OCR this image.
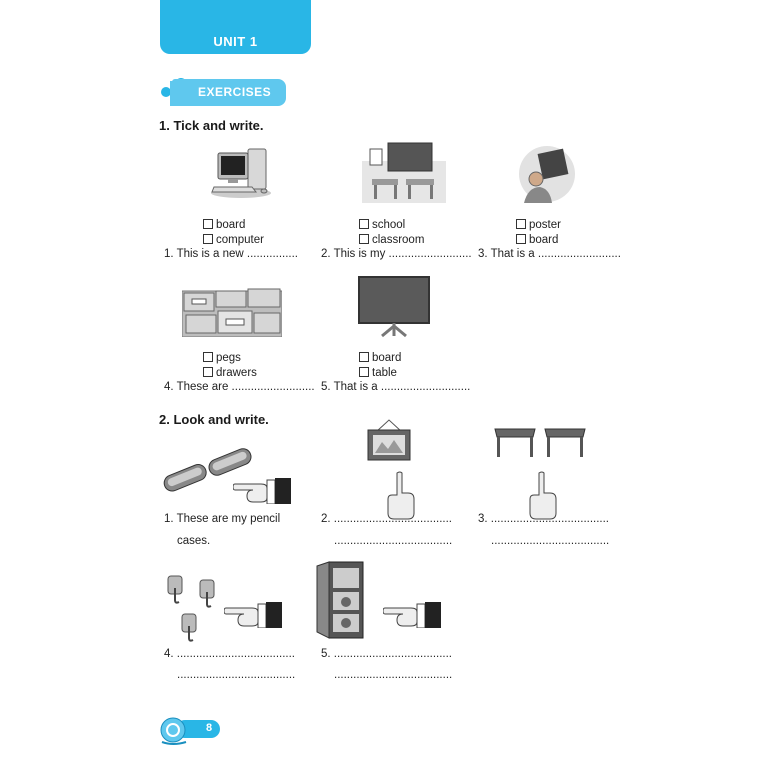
UNIT 1
EXERCISES
1. Tick and write.
board
computer
1. This is a new ................
school
classroom
2. This is my ..........................
poster
board
3. That is a ..........................
pegs
drawers
4. These are ..........................
board
table
5. That is a ............................
2. Look and write.
1. These are my pencil
cases.
2. .....................................
.....................................
3. .....................................
.....................................
4. .....................................
.....................................
5. .....................................
.....................................
8
